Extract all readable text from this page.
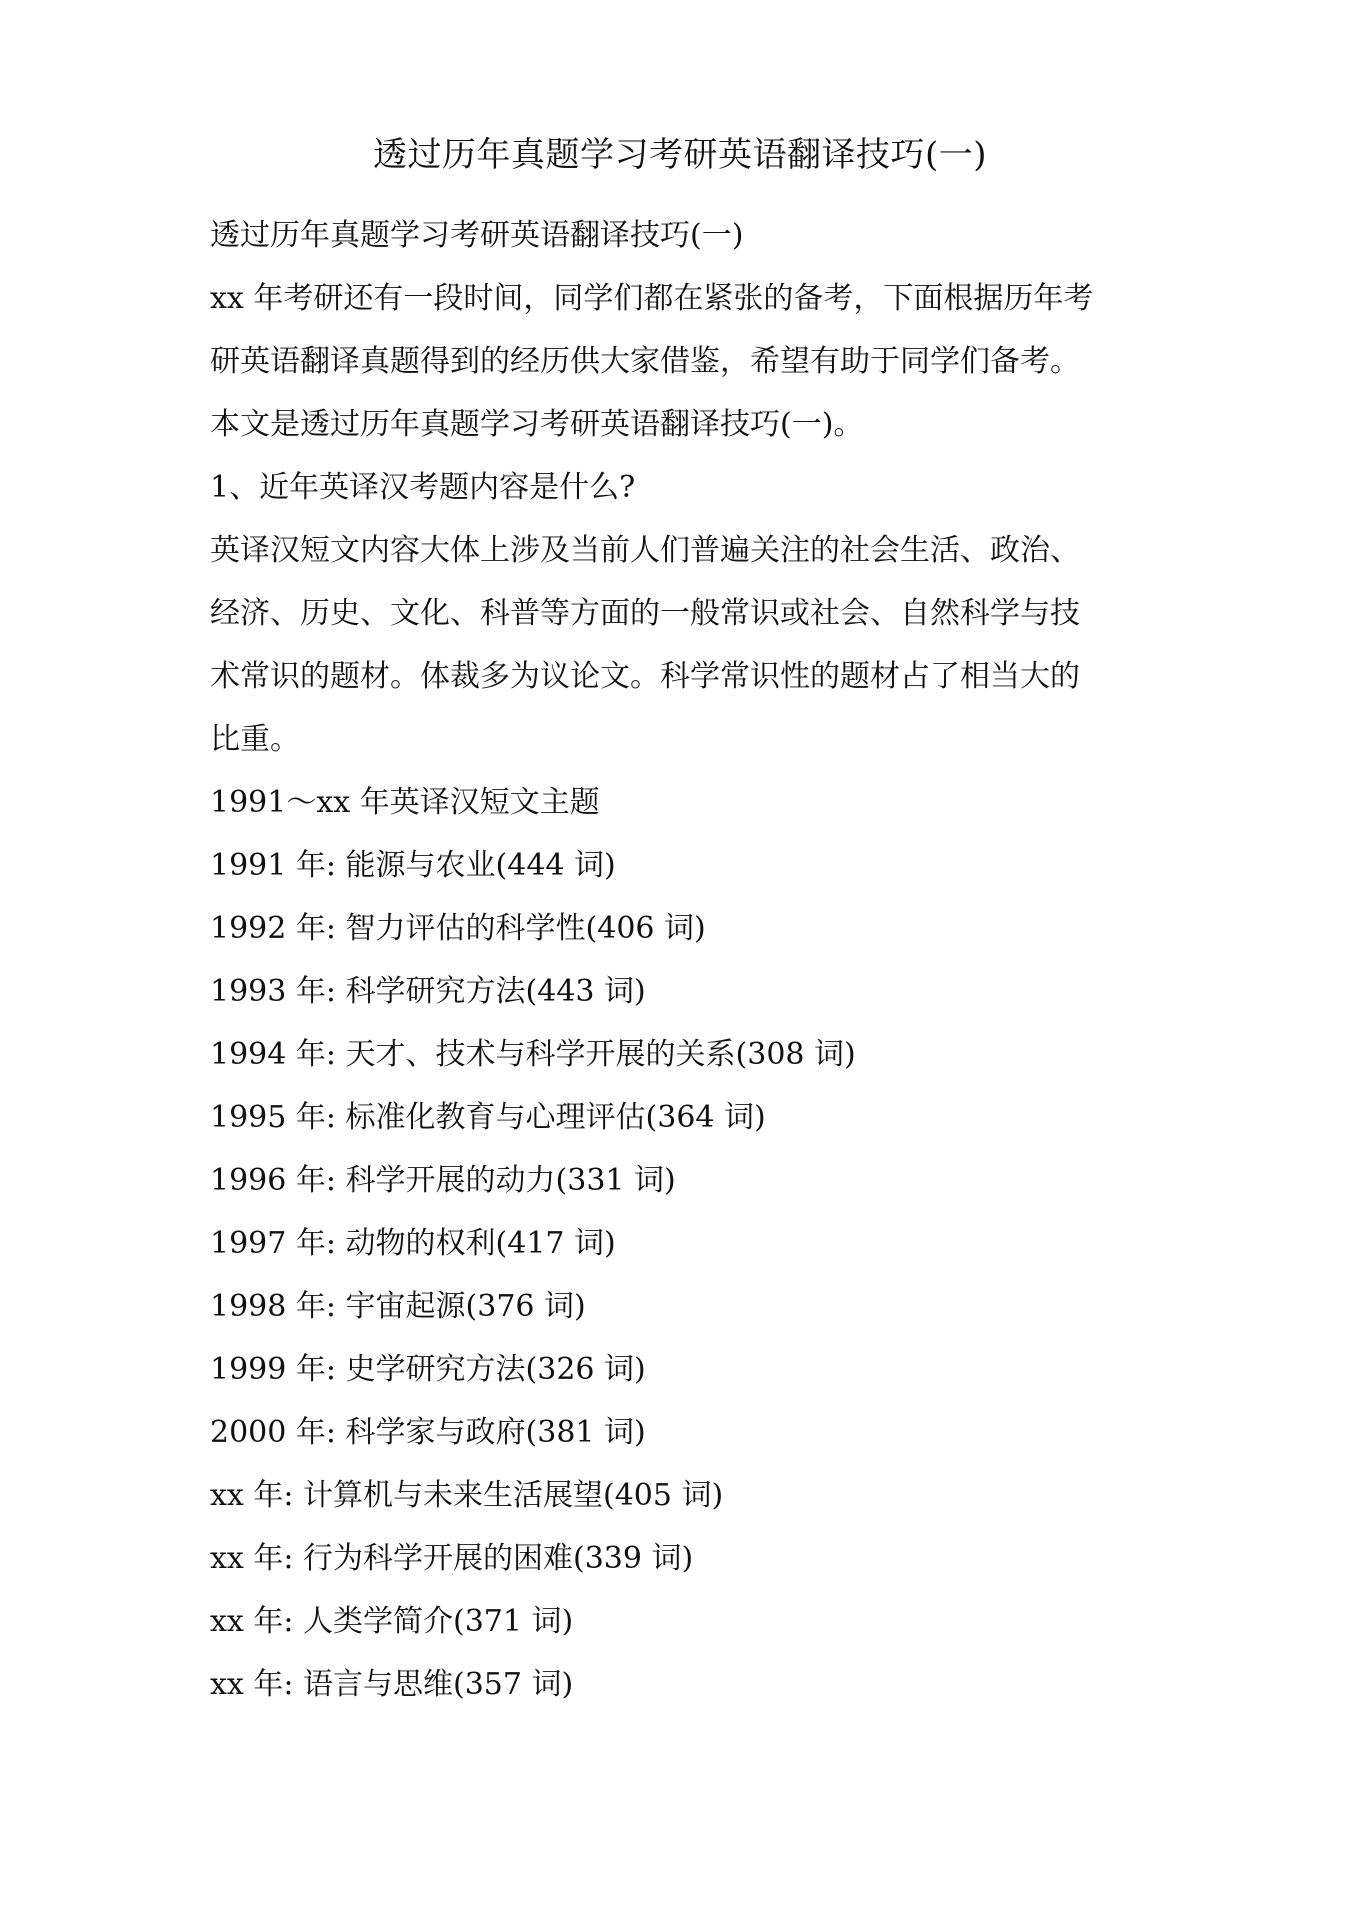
透过历年真题学习考研英语翻译技巧(一)

透过历年真题学习考研英语翻译技巧(一)

xx 年考研还有一段时间，同学们都在紧张的备考，下面根据历年考

研英语翻译真题得到的经历供大家借鉴，希望有助于同学们备考。

本文是透过历年真题学习考研英语翻译技巧(一)。

1、近年英译汉考题内容是什么?

英译汉短文内容大体上涉及当前人们普遍关注的社会生活、政治、

经济、历史、文化、科普等方面的一般常识或社会、自然科学与技

术常识的题材。体裁多为议论文。科学常识性的题材占了相当大的

比重。

1991～xx 年英译汉短文主题

1991 年: 能源与农业(444 词)

1992 年: 智力评估的科学性(406 词)

1993 年: 科学研究方法(443 词)

1994 年: 天才、技术与科学开展的关系(308 词)

1995 年: 标准化教育与心理评估(364 词)

1996 年: 科学开展的动力(331 词)

1997 年: 动物的权利(417 词)

1998 年: 宇宙起源(376 词)

1999 年: 史学研究方法(326 词)

2000 年: 科学家与政府(381 词)

xx 年: 计算机与未来生活展望(405 词)

xx 年: 行为科学开展的困难(339 词)

xx 年: 人类学简介(371 词)

xx 年: 语言与思维(357 词)
